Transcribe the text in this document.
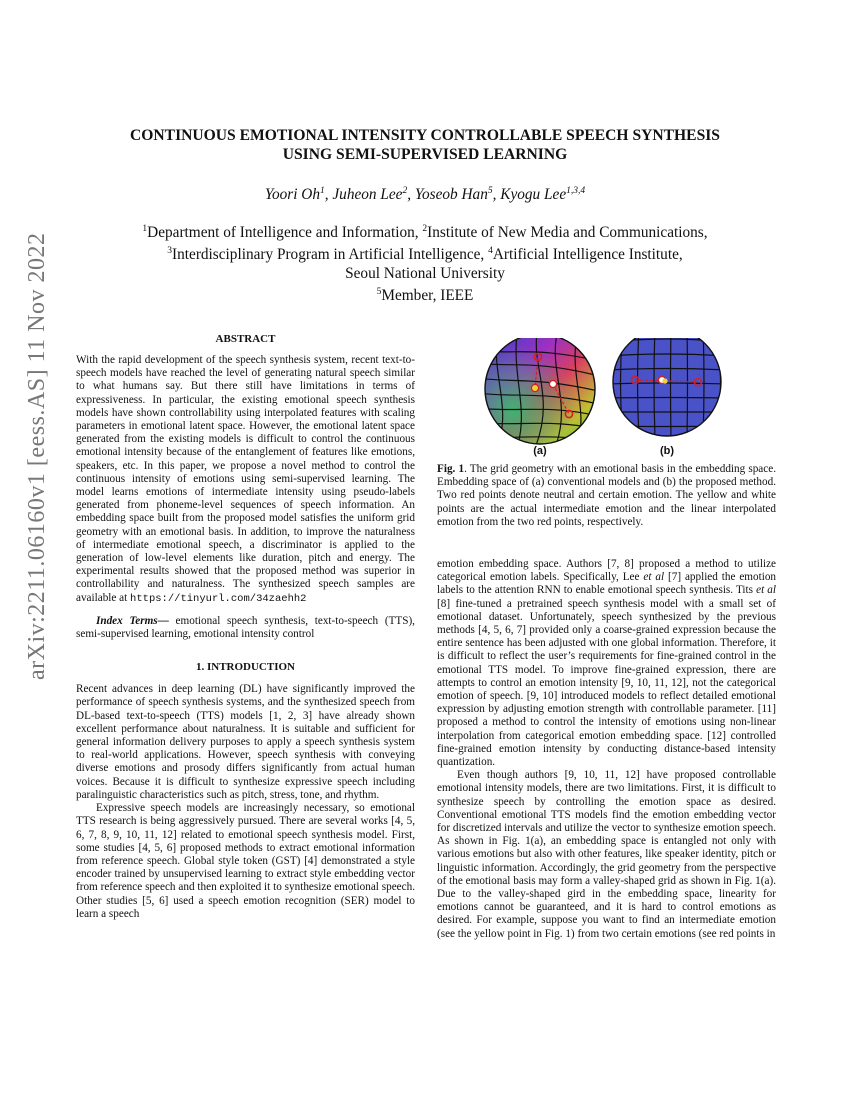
arXiv:2211.06160v1 [eess.AS] 11 Nov 2022
CONTINUOUS EMOTIONAL INTENSITY CONTROLLABLE SPEECH SYNTHESIS
USING SEMI-SUPERVISED LEARNING
Yoori Oh$^1$, Juheon Lee$^2$, Yoseob Han$^5$, Kyogu Lee$^{1,3,4}$
$^1$Department of Intelligence and Information, $^2$Institute of New Media and Communications,
$^3$Interdisciplinary Program in Artificial Intelligence, $^4$Artificial Intelligence Institute,
Seoul National University
$^5$Member, IEEE
ABSTRACT
With the rapid development of the speech synthesis system, recent text-to-speech models have reached the level of generating natural speech similar to what humans say. But there still have limitations in terms of expressiveness. In particular, the existing emotional speech synthesis models have shown controllability using interpolated features with scaling parameters in emotional latent space. However, the emotional latent space generated from the existing models is difficult to control the continuous emotional intensity because of the entanglement of features like emotions, speakers, etc. In this paper, we propose a novel method to control the continuous intensity of emotions using semi-supervised learning. The model learns emotions of intermediate intensity using pseudo-labels generated from phoneme-level sequences of speech information. An embedding space built from the proposed model satisfies the uniform grid geometry with an emotional basis. In addition, to improve the naturalness of intermediate emotional speech, a discriminator is applied to the generation of low-level elements like duration, pitch and energy. The experimental results showed that the proposed method was superior in controllability and naturalness. The synthesized speech samples are available at https://tinyurl.com/34zaehh2
Index Terms— emotional speech synthesis, text-to-speech (TTS), semi-supervised learning, emotional intensity control
1. INTRODUCTION

Recent advances in deep learning (DL) have significantly improved the performance of speech synthesis systems, and the synthesized speech from DL-based text-to-speech (TTS) models [1, 2, 3] have already shown excellent performance about naturalness. It is suitable and sufficient for general information delivery purposes to apply a speech synthesis system to real-world applications. However, speech synthesis with conveying diverse emotions and prosody differs significantly from actual human voices. Because it is difficult to synthesize expressive speech including paralinguistic characteristics such as pitch, stress, tone, and rhythm.

Expressive speech models are increasingly necessary, so emotional TTS research is being aggressively pursued. There are several works [4, 5, 6, 7, 8, 9, 10, 11, 12] related to emotional speech synthesis model. First, some studies [4, 5, 6] proposed methods to extract emotional information from reference speech. Global style token (GST) [4] demonstrated a style encoder trained by unsupervised learning to extract style embedding vector from reference speech and then exploited it to synthesize emotional speech. Other studies [5, 6] used a speech emotion recognition (SER) model to learn a speech

(a)	(b)
Fig. 1. The grid geometry with an emotional basis in the embedding space. Embedding space of (a) conventional models and (b) the proposed method. Two red points denote neutral and certain emotion. The yellow and white points are the actual intermediate emotion and the linear interpolated emotion from the two red points, respectively.

emotion embedding space. Authors [7, 8] proposed a method to utilize categorical emotion labels. Specifically, Lee et al [7] applied the emotion labels to the attention RNN to enable emotional speech synthesis. Tits et al [8] fine-tuned a pretrained speech synthesis model with a small set of emotional dataset. Unfortunately, speech synthesized by the previous methods [4, 5, 6, 7] provided only a coarse-grained expression because the entire sentence has been adjusted with one global information. Therefore, it is difficult to reflect the user’s requirements for fine-grained control in the emotional TTS model. To improve fine-grained expression, there are attempts to control an emotion intensity [9, 10, 11, 12], not the categorical emotion of speech. [9, 10] introduced models to reflect detailed emotional expression by adjusting emotion strength with controllable parameter. [11] proposed a method to control the intensity of emotions using non-linear interpolation from categorical emotion embedding space. [12] controlled fine-grained emotion intensity by conducting distance-based intensity quantization.

Even though authors [9, 10, 11, 12] have proposed controllable emotional intensity models, there are two limitations. First, it is difficult to synthesize speech by controlling the emotion space as desired. Conventional emotional TTS models find the emotion embedding vector for discretized intervals and utilize the vector to synthesize emotion speech. As shown in Fig. 1(a), an embedding space is entangled not only with various emotions but also with other features, like speaker identity, pitch or linguistic information. Accordingly, the grid geometry from the perspective of the emotional basis may form a valley-shaped grid as shown in Fig. 1(a). Due to the valley-shaped gird in the embedding space, linearity for emotions cannot be guaranteed, and it is hard to control emotions as desired. For example, suppose you want to find an intermediate emotion (see the yellow point in Fig. 1) from two certain emotions (see red points in
